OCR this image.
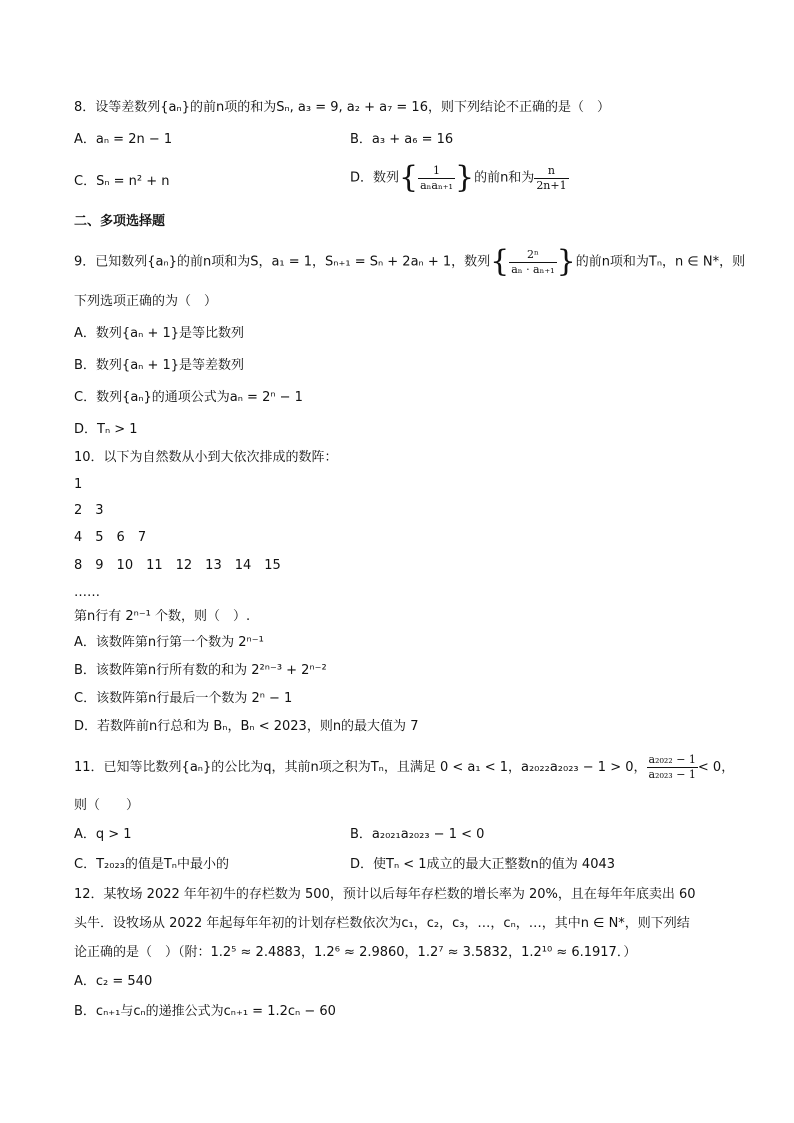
8．设等差数列{aₙ}的前n项的和为Sₙ, a₃ = 9, a₂ + a₇ = 16，则下列结论不正确的是（　）
A．aₙ = 2n − 1	B．a₃ + a₆ = 16
C．Sₙ = n² + n	D．数列{ $\frac{1}{\text{aₙaₙ₊₁}}$ }的前n和为 $\frac{n}{2n+1}$
二、多项选择题
9．已知数列{aₙ}的前n项和为S，a₁ = 1，Sₙ₊₁ = Sₙ + 2aₙ + 1，数列{ $\frac{\text{2ⁿ}}{\text{aₙ · aₙ₊₁}}$ }的前n项和为Tₙ，n ∈ N*，则
下列选项正确的为（　）
A．数列{aₙ + 1}是等比数列
B．数列{aₙ + 1}是等差数列
C．数列{aₙ}的通项公式为aₙ = 2ⁿ − 1
D．Tₙ > 1
10．以下为自然数从小到大依次排成的数阵：
1
2　3
4　5　6　7
8　9　10　11　12　13　14　15
……
第n行有 2ⁿ⁻¹ 个数，则（　）.
A．该数阵第n行第一个数为 2ⁿ⁻¹
B．该数阵第n行所有数的和为 2²ⁿ⁻³ + 2ⁿ⁻²
C．该数阵第n行最后一个数为 2ⁿ − 1
D．若数阵前n行总和为 Bₙ，Bₙ < 2023，则n的最大值为 7
11．已知等比数列{aₙ}的公比为q，其前n项之积为Tₙ，且满足 0 < a₁ < 1，a₂₀₂₂a₂₀₂₃ − 1 > 0， $\frac{\text{a₂₀₂₂ − 1}}{\text{a₂₀₂₃ − 1}} < 0$，
则（　　）
A．q > 1	B．a₂₀₂₁a₂₀₂₃ − 1 < 0
C．T₂₀₂₃的值是Tₙ中最小的	D．使Tₙ < 1成立的最大正整数n的值为 4043
12．某牧场 2022 年年初牛的存栏数为 500，预计以后每年存栏数的增长率为 20%，且在每年年底卖出 60
头牛．设牧场从 2022 年起每年年初的计划存栏数依次为c₁，c₂，c₃，…，cₙ，…，其中n ∈ N*，则下列结
论正确的是（　）（附：1.2⁵ ≈ 2.4883，1.2⁶ ≈ 2.9860，1.2⁷ ≈ 3.5832，1.2¹⁰ ≈ 6.1917．）
A．c₂ = 540
B．cₙ₊₁与cₙ的递推公式为cₙ₊₁ = 1.2cₙ − 60
